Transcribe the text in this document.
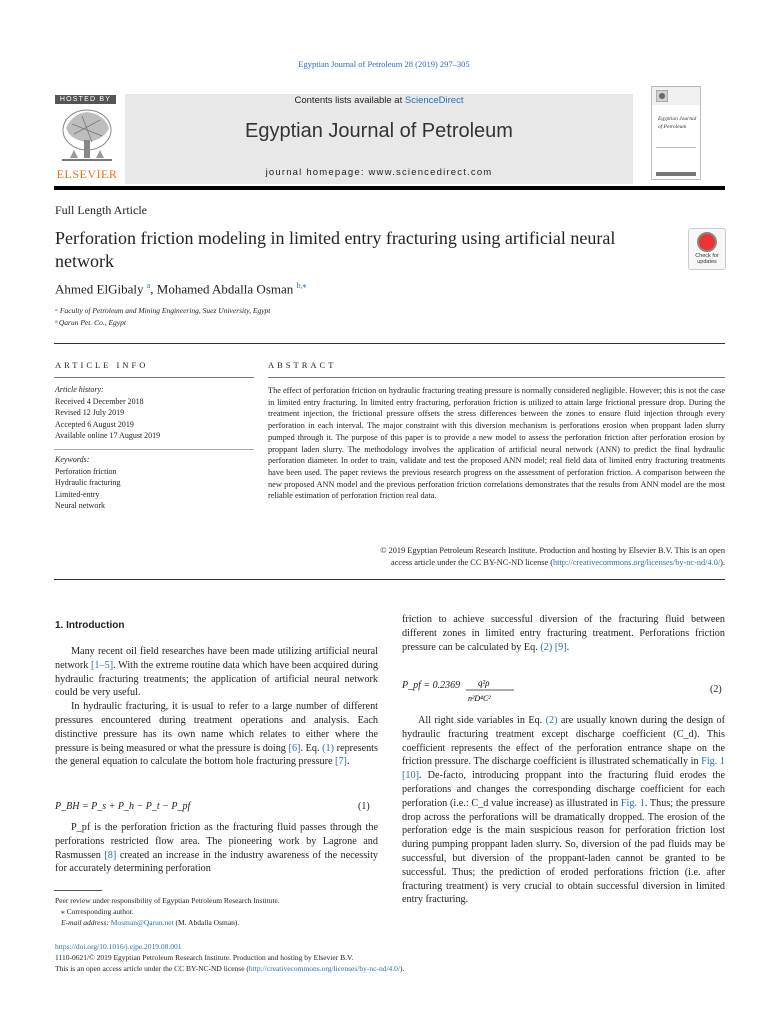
Egyptian Journal of Petroleum 28 (2019) 297–305
HOSTED BY
ELSEVIER
Contents lists available at ScienceDirect
Egyptian Journal of Petroleum
journal homepage: www.sciencedirect.com
Egyptian Journal of Petroleum
Full Length Article
Perforation friction modeling in limited entry fracturing using artificial neural network	Check for updates
Ahmed ElGibaly $^a$, Mohamed Abdalla Osman $^{b,⁎}$
ᵃ Faculty of Petroleum and Mining Engineering, Suez University, Egypt
ᵇ Qarun Pet. Co., Egypt
ARTICLE INFO
Article history:
Received 4 December 2018
Revised 12 July 2019
Accepted 6 August 2019
Available online 17 August 2019
Keywords:
Perforation friction
Hydraulic fracturing
Limited-entry
Neural network
ABSTRACT
The effect of perforation friction on hydraulic fracturing treating pressure is normally considered negligible. However; this is not the case in limited entry fracturing. In limited entry fracturing, perforation friction is utilized to attain large frictional pressure drop. During the treatment injection, the frictional pressure offsets the stress differences between the zones to ensure fluid injection through every perforation in each interval. The major constraint with this diversion mechanism is perforations erosion when proppant laden slurry pumped through it. The purpose of this paper is to provide a new model to assess the perforation friction after perforation erosion by proppant laden slurry. The methodology involves the application of artificial neural network (ANN) to predict the final hydraulic perforation diameter. In order to train, validate and test the proposed ANN model; real field data of limited entry fracturing treatments have been used. The paper reviews the previous research progress on the assessment of perforation friction. A comparison between the new proposed ANN model and the previous perforation friction correlations demonstrates that the results from ANN model are the most reliable estimation of perforation friction real data.
© 2019 Egyptian Petroleum Research Institute. Production and hosting by Elsevier B.V. This is an open
access article under the CC BY-NC-ND license (http://creativecommons.org/licenses/by-nc-nd/4.0/).
1. Introduction

Many recent oil field researches have been made utilizing artificial neural network [1–5]. With the extreme routine data which have been acquired during hydraulic fracturing treatments; the application of artificial neural network could be very useful.

In hydraulic fracturing, it is usual to refer to a large number of different pressures encountered during treatment operations and analysis. Each distinctive pressure has its own name which relates to either where the pressure is being measured or what the pressure is doing [6]. Eq. (1) represents the general equation to calculate the bottom hole fracturing pressure [7].

P_BH = P_s + P_h − P_t − P_pf	(1)

P_pf is the perforation friction as the fracturing fluid passes through the perforations restricted flow area. The pioneering work by Lagrone and Rasmussen [8] created an increase in the industry awareness of the necessity for accurately determining perforation

friction to achieve successful diversion of the fracturing fluid between different zones in limited entry fracturing treatment. Perforations friction pressure can be calculated by Eq. (2) [9].

P_pf = 0.2369 q²ρ
n²D⁴C²
(2)

All right side variables in Eq. (2) are usually known during the design of hydraulic fracturing treatment except discharge coefficient (C_d). This coefficient represents the effect of the perforation entrance shape on the friction pressure. The discharge coefficient is illustrated schematically in Fig. 1 [10]. De-facto, introducing proppant into the fracturing fluid erodes the perforations and changes the corresponding discharge coefficient for each perforation (i.e.: C_d value increase) as illustrated in Fig. 1. Thus; the pressure drop across the perforations will be dramatically dropped. The erosion of the perforation edge is the main suspicious reason for perforation friction lost during pumping proppant laden slurry. So, diversion of the pad fluids may be successful, but diversion of the proppant-laden cannot be granted to be successful. Thus; the prediction of eroded perforations friction (i.e. after fracturing treatment) is very crucial to obtain successful diversion in limited entry fracturing.

Peer review under responsibility of Egyptian Petroleum Research Institute.
⁎ Corresponding author.
E-mail address: Mosman@Qarun.net (M. Abdalla Osman).
https://doi.org/10.1016/j.ejpe.2019.08.001
1110-0621/© 2019 Egyptian Petroleum Research Institute. Production and hosting by Elsevier B.V.
This is an open access article under the CC BY-NC-ND license (http://creativecommons.org/licenses/by-nc-nd/4.0/).
